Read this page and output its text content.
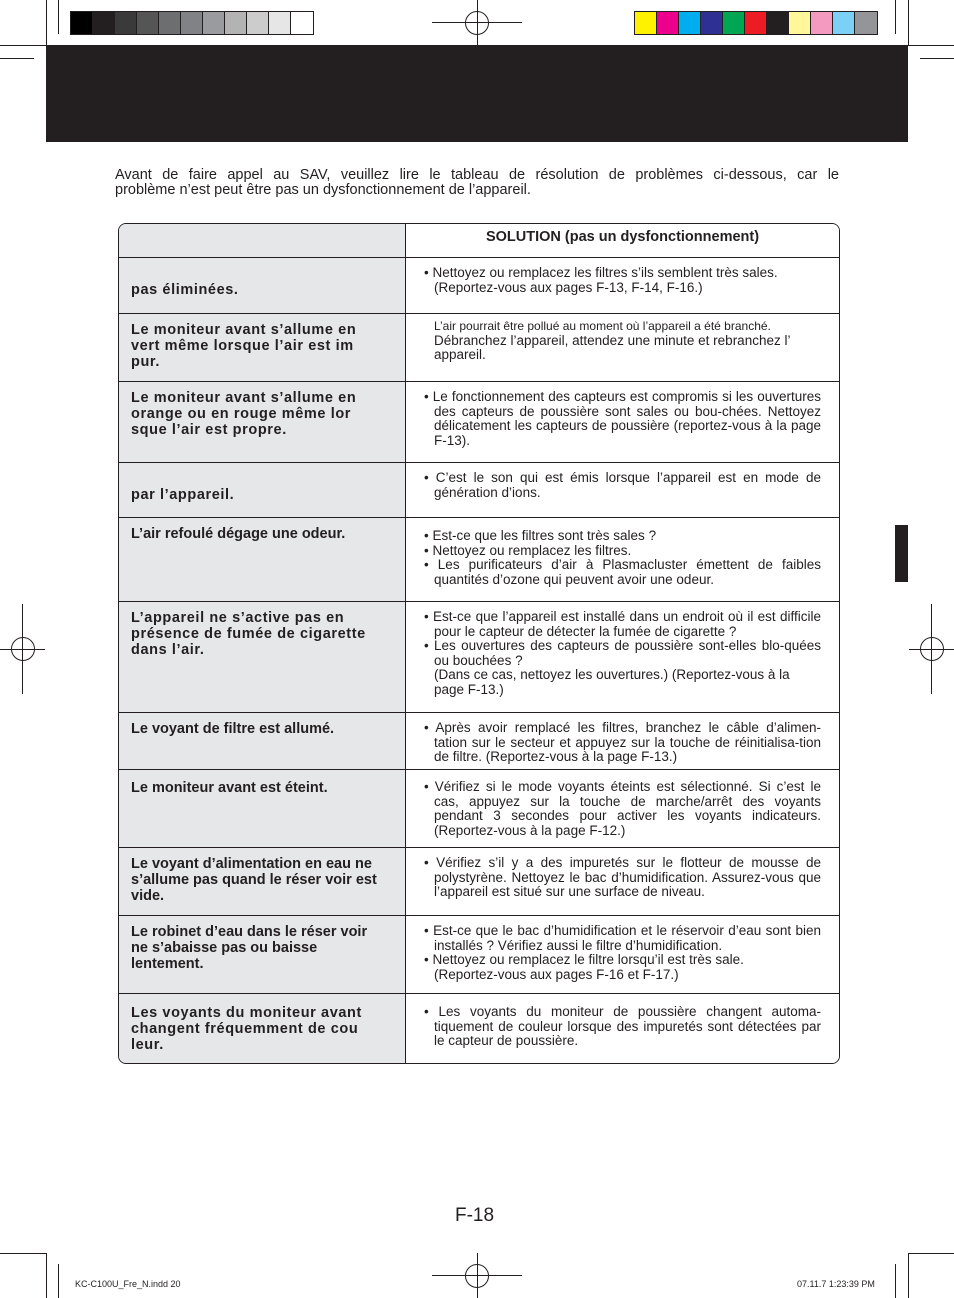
Avant de faire appel au SAV, veuillez lire le tableau de résolution de problèmes ci-dessous, car le
problème n’est peut être pas un dysfonctionnement de l’appareil.

	SOLUTION (pas un dysfonctionnement)

pas éliminées.	• Nettoyez ou remplacez les filtres s’ils semblent très sales.
(Reportez-vous aux pages F-13, F-14, F-16.)

Le moniteur avant s’allume en vert même lorsque l’air est im pur.	L’air pourrait être pollué au moment où l’appareil a été branché.
Débranchez l’appareil, attendez une minute et rebranchez l’ appareil.

Le moniteur avant s’allume en orange ou en rouge même lor sque l’air est propre.	• Le fonctionnement des capteurs est compromis si les ouvertures des capteurs de poussière sont sales ou bou-chées. Nettoyez délicatement les capteurs de poussière (reportez-vous à la page F-13).

par l’appareil.	• C’est le son qui est émis lorsque l’appareil est en mode de génération d’ions.

L’air refoulé dégage une odeur.	• Est-ce que les filtres sont très sales ?
• Nettoyez ou remplacez les filtres.
• Les purificateurs d’air à Plasmacluster émettent de faibles quantités d’ozone qui peuvent avoir une odeur.

L’appareil ne s’active pas en présence de fumée de cigarette dans l’air.	• Est-ce que l’appareil est installé dans un endroit où il est difficile pour le capteur de détecter la fumée de cigarette ?
• Les ouvertures des capteurs de poussière sont-elles blo-quées ou bouchées ?
(Dans ce cas, nettoyez les ouvertures.) (Reportez-vous à la page F-13.)

Le voyant de filtre est allumé.	• Après avoir remplacé les filtres, branchez le câble d’alimen-tation sur le secteur et appuyez sur la touche de réinitialisa-tion de filtre. (Reportez-vous à la page F-13.)

Le moniteur avant est éteint.	• Vérifiez si le mode voyants éteints est sélectionné. Si c’est le cas, appuyez sur la touche de marche/arrêt des voyants pendant 3 secondes pour activer les voyants indicateurs. (Reportez-vous à la page F-12.)

Le voyant d’alimentation en eau ne s’allume pas quand le réser voir est vide.	• Vérifiez s’il y a des impuretés sur le flotteur de mousse de polystyrène. Nettoyez le bac d’humidification. Assurez-vous que l’appareil est situé sur une surface de niveau.

Le robinet d’eau dans le réser voir ne s’abaisse pas ou baisse lentement.	• Est-ce que le bac d’humidification et le réservoir d’eau sont bien installés ? Vérifiez aussi le filtre d’humidification.
• Nettoyez ou remplacez le filtre lorsqu’il est très sale.
(Reportez-vous aux pages F-16 et F-17.)

Les voyants du moniteur avant changent fréquemment de cou leur.	• Les voyants du moniteur de poussière changent automa-tiquement de couleur lorsque des impuretés sont détectées par le capteur de poussière.
F-18
KC-C100U_Fre_N.indd 20	07.11.7 1:23:39 PM
